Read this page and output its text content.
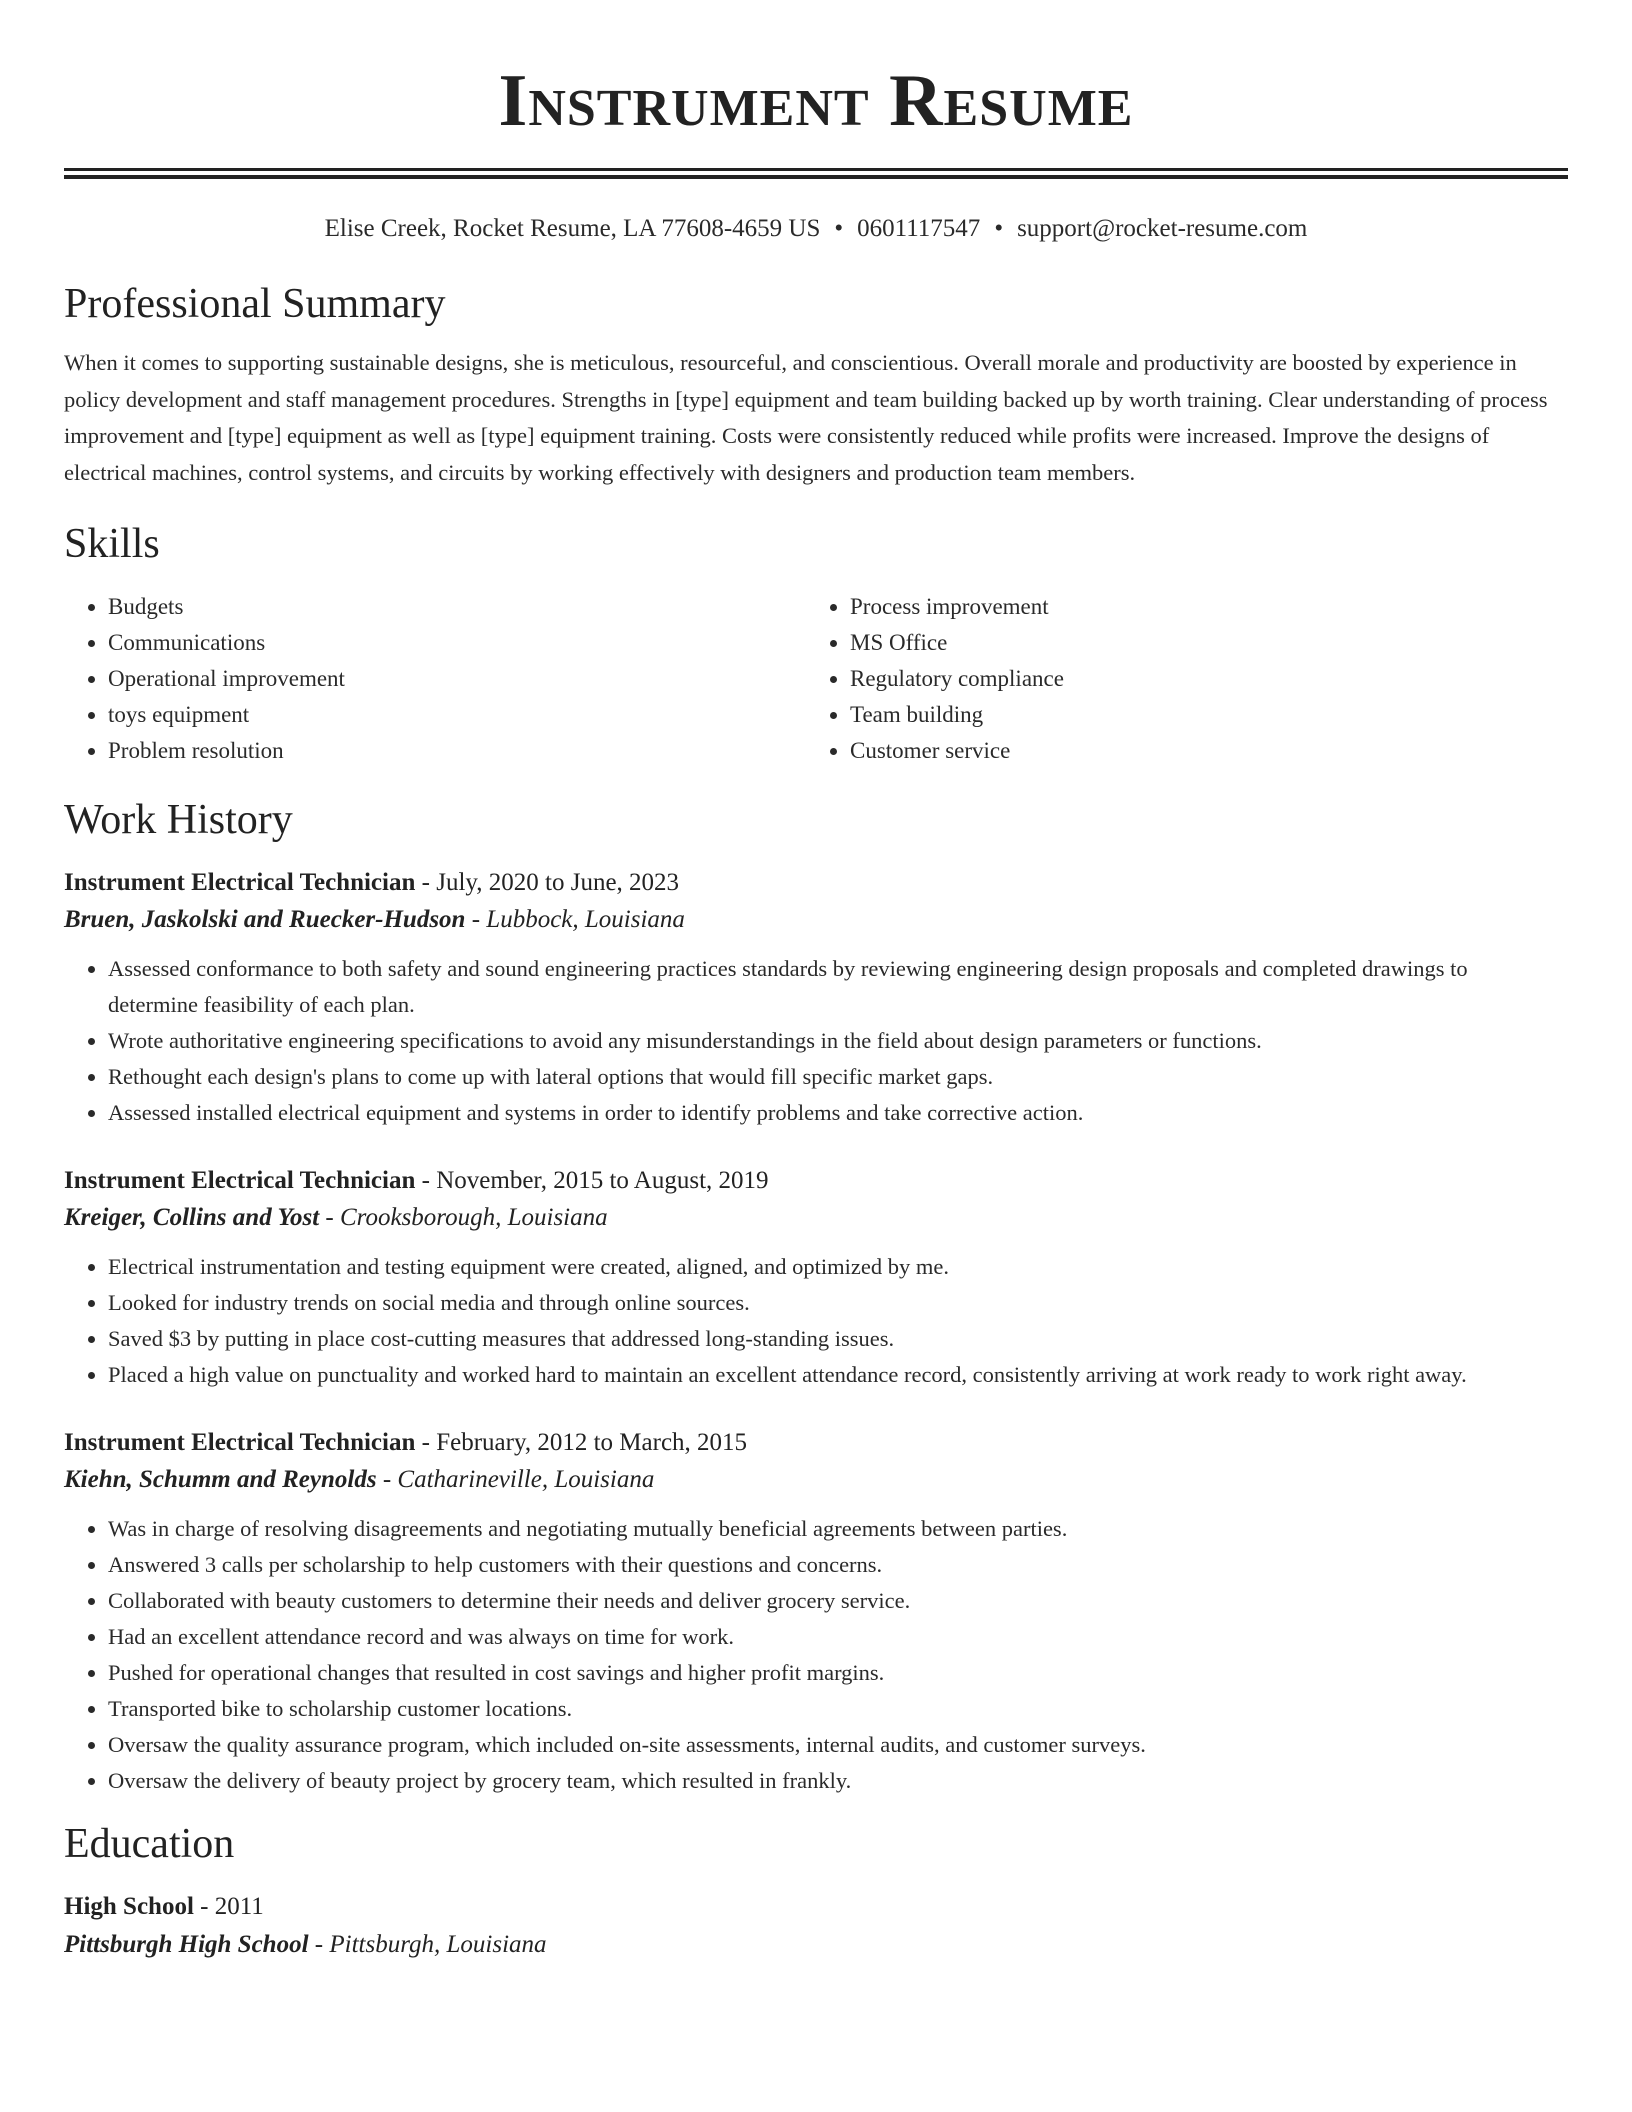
Instrument Resume
Elise Creek, Rocket Resume, LA 77608-4659 US • 0601117547 • support@rocket-resume.com
Professional Summary

When it comes to supporting sustainable designs, she is meticulous, resourceful, and conscientious. Overall morale and productivity are boosted by experience in policy development and staff management procedures. Strengths in [type] equipment and team building backed up by worth training. Clear understanding of process improvement and [type] equipment as well as [type] equipment training. Costs were consistently reduced while profits were increased. Improve the designs of electrical machines, control systems, and circuits by working effectively with designers and production team members.

Skills
• Budgets
• Communications
• Operational improvement
• toys equipment
• Problem resolution
• Process improvement
• MS Office
• Regulatory compliance
• Team building
• Customer service
Work History
Instrument Electrical Technician - July, 2020 to June, 2023
Bruen, Jaskolski and Ruecker-Hudson - Lubbock, Louisiana
• Assessed conformance to both safety and sound engineering practices standards by reviewing engineering design proposals and completed drawings to determine feasibility of each plan.
• Wrote authoritative engineering specifications to avoid any misunderstandings in the field about design parameters or functions.
• Rethought each design's plans to come up with lateral options that would fill specific market gaps.
• Assessed installed electrical equipment and systems in order to identify problems and take corrective action.
Instrument Electrical Technician - November, 2015 to August, 2019
Kreiger, Collins and Yost - Crooksborough, Louisiana
• Electrical instrumentation and testing equipment were created, aligned, and optimized by me.
• Looked for industry trends on social media and through online sources.
• Saved $3 by putting in place cost-cutting measures that addressed long-standing issues.
• Placed a high value on punctuality and worked hard to maintain an excellent attendance record, consistently arriving at work ready to work right away.
Instrument Electrical Technician - February, 2012 to March, 2015
Kiehn, Schumm and Reynolds - Catharineville, Louisiana
• Was in charge of resolving disagreements and negotiating mutually beneficial agreements between parties.
• Answered 3 calls per scholarship to help customers with their questions and concerns.
• Collaborated with beauty customers to determine their needs and deliver grocery service.
• Had an excellent attendance record and was always on time for work.
• Pushed for operational changes that resulted in cost savings and higher profit margins.
• Transported bike to scholarship customer locations.
• Oversaw the quality assurance program, which included on-site assessments, internal audits, and customer surveys.
• Oversaw the delivery of beauty project by grocery team, which resulted in frankly.
Education
High School - 2011
Pittsburgh High School - Pittsburgh, Louisiana
